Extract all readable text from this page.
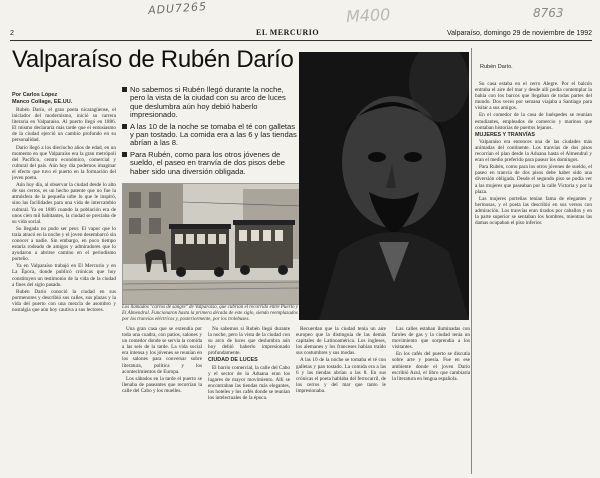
ADU7265	M400	8763
2	EL MERCURIO	Valparaíso, domingo 29 de noviembre de 1992
Valparaíso de Rubén Darío
Por Carlos López
Manco Collage, EE.UU.

Rubén Darío, el gran poeta nicaragüense, el iniciador del modernismo, inició su carrera literaria en Valparaíso. Al puerto llegó en 1886. El mismo declararía más tarde que el entusiasmo de la ciudad ejerció un cambio profundo en su personalidad.

Darío llegó a los dieciocho años de edad, en un momento en que Valparaíso era la gran metrópoli del Pacífico, centro económico, comercial y cultural del país. Aún hoy día podemos imaginar el efecto que tuvo el puerto en la formación del joven poeta.

Aún hoy día, al observar la ciudad desde lo alto de sus cerros, es un hecho patente que no fue la atmósfera de la pequeña urbe lo que le inspiró, sino las facilidades para una vida de intercambio cultural. Ya en 1886 cuando la población era de unos cien mil habitantes, la ciudad se preciaba de su vida social.

Su llegada no pudo ser peor. El vapor que lo traía atracó en la noche y el joven desembarcó sin conocer a nadie. Sin embargo, en poco tiempo estaría rodeado de amigos y admiradores que lo ayudaron a abrirse camino en el periodismo porteño.

Ya en Valparaíso trabajó en El Mercurio y en La Época, donde publicó crónicas que hoy constituyen un testimonio de la vida de la ciudad a fines del siglo pasado.

Rubén Darío conoció la ciudad en sus pormenores y describió sus calles, sus plazas y la vida del puerto con una mezcla de asombro y nostalgia que aún hoy cautiva a sus lectores.

No sabemos si Rubén llegó durante la noche, pero la vista de la ciudad con su arco de luces que deslumbra aún hoy debió haberlo impresionado.
A las 10 de la noche se tomaba el té con galletas y pan tostado. La comida era a las 6 y las tiendas abrían a las 8.
Para Rubén, como para los otros jóvenes de sueldo, el paseo en tranvía de dos pisos debe haber sido una diversión obligada.
Los llamados "carros de sangre" de Valparaíso, que cubrían el recorrido entre Puerto y El Almendral. Funcionaron hasta la primera década de este siglo, siendo reemplazados por los tranvías eléctricos y, posteriormente, por los trolebuses.

Una gran casa que se extendía por toda una cuadra, con patios, salones y un comedor donde se servía la comida a las seis de la tarde. La vida social era intensa y los jóvenes se reunían en los salones para conversar sobre literatura, política y los acontecimientos de Europa.

Los sábados en la tarde el puerto se llenaba de paseantes que recorrían la calle del Cabo y los muelles.

No sabemos si Rubén llegó durante la noche, pero la vista de la ciudad con su arco de luces que deslumbra aún hoy debió haberlo impresionado profundamente.

CIUDAD DE LUCES

El barrio comercial, la calle del Cabo y el sector de la Aduana eran los lugares de mayor movimiento. Allí se encontraban las tiendas más elegantes, los hoteles y los cafés donde se reunían los intelectuales de la época.

Recuerdan que la ciudad tenía un aire europeo que la distinguía de las demás capitales de Latinoamérica. Los ingleses, los alemanes y los franceses habían traído sus costumbres y sus modas.

A las 10 de la noche se tomaba el té con galletas y pan tostado. La comida era a las 6 y las tiendas abrían a las 8. En sus crónicas el poeta hablaba del ferrocarril, de los cerros y del mar que tanto le impresionaba.

Las calles estaban iluminadas con faroles de gas y la ciudad tenía un movimiento que sorprendía a los visitantes.

En los cafés del puerto se discutía sobre arte y poesía. Fue en ese ambiente donde el joven Darío escribió Azul, el libro que cambiaría la literatura en lengua española.

Rubén Darío.

Su casa estaba en el cerro Alegre. Por el balcón entraba el aire del mar y desde allí podía contemplar la bahía con los barcos que llegaban de todas partes del mundo. Dos veces por semana viajaba a Santiago para visitar a sus amigos.

En el comedor de la casa de huéspedes se reunían estudiantes, empleados de comercio y marinos que contaban historias de puertos lejanos.

MUJERES Y TRANVÍAS

Valparaíso era entonces una de las ciudades más animadas del continente. Los tranvías de dos pisos recorrían el plan desde la Aduana hasta el Almendral y eran el medio preferido para pasear los domingos.

Para Rubén, como para los otros jóvenes de sueldo, el paseo en tranvía de dos pisos debe haber sido una diversión obligada. Desde el segundo piso se podía ver a las mujeres que paseaban por la calle Victoria y por la plaza.

Las mujeres porteñas tenían fama de elegantes y hermosas, y el poeta las describió en sus versos con admiración. Los tranvías eran tirados por caballos y en la parte superior se sentaban los hombres, mientras las damas ocupaban el piso inferior.
